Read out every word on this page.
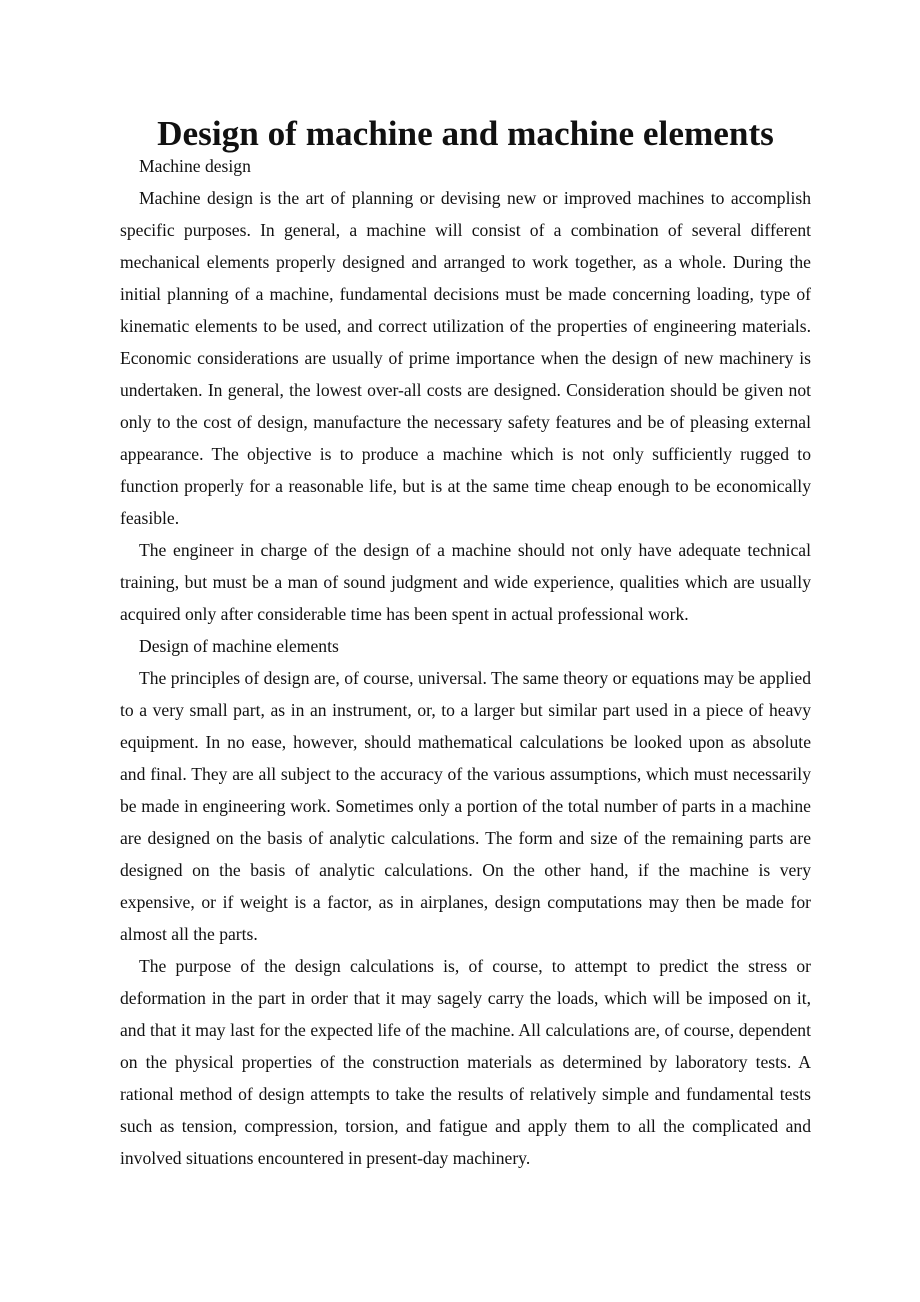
Design of machine and machine elements

Machine design

Machine design is the art of planning or devising new or improved machines to accomplish specific purposes. In general, a machine will consist of a combination of several different mechanical elements properly designed and arranged to work together, as a whole. During the initial planning of a machine, fundamental decisions must be made concerning loading, type of kinematic elements to be used, and correct utilization of the properties of engineering materials. Economic considerations are usually of prime importance when the design of new machinery is undertaken. In general, the lowest over-all costs are designed. Consideration should be given not only to the cost of design, manufacture the necessary safety features and be of pleasing external appearance. The objective is to produce a machine which is not only sufficiently rugged to function properly for a reasonable life, but is at the same time cheap enough to be economically feasible.

The engineer in charge of the design of a machine should not only have adequate technical training, but must be a man of sound judgment and wide experience, qualities which are usually acquired only after considerable time has been spent in actual professional work.

Design of machine elements

The principles of design are, of course, universal. The same theory or equations may be applied to a very small part, as in an instrument, or, to a larger but similar part used in a piece of heavy equipment. In no ease, however, should mathematical calculations be looked upon as absolute and final. They are all subject to the accuracy of the various assumptions, which must necessarily be made in engineering work. Sometimes only a portion of the total number of parts in a machine are designed on the basis of analytic calculations. The form and size of the remaining parts are designed on the basis of analytic calculations. On the other hand, if the machine is very expensive, or if weight is a factor, as in airplanes, design computations may then be made for almost all the parts.

The purpose of the design calculations is, of course, to attempt to predict the stress or deformation in the part in order that it may sagely carry the loads, which will be imposed on it, and that it may last for the expected life of the machine. All calculations are, of course, dependent on the physical properties of the construction materials as determined by laboratory tests. A rational method of design attempts to take the results of relatively simple and fundamental tests such as tension, compression, torsion, and fatigue and apply them to all the complicated and involved situations encountered in present-day machinery.
